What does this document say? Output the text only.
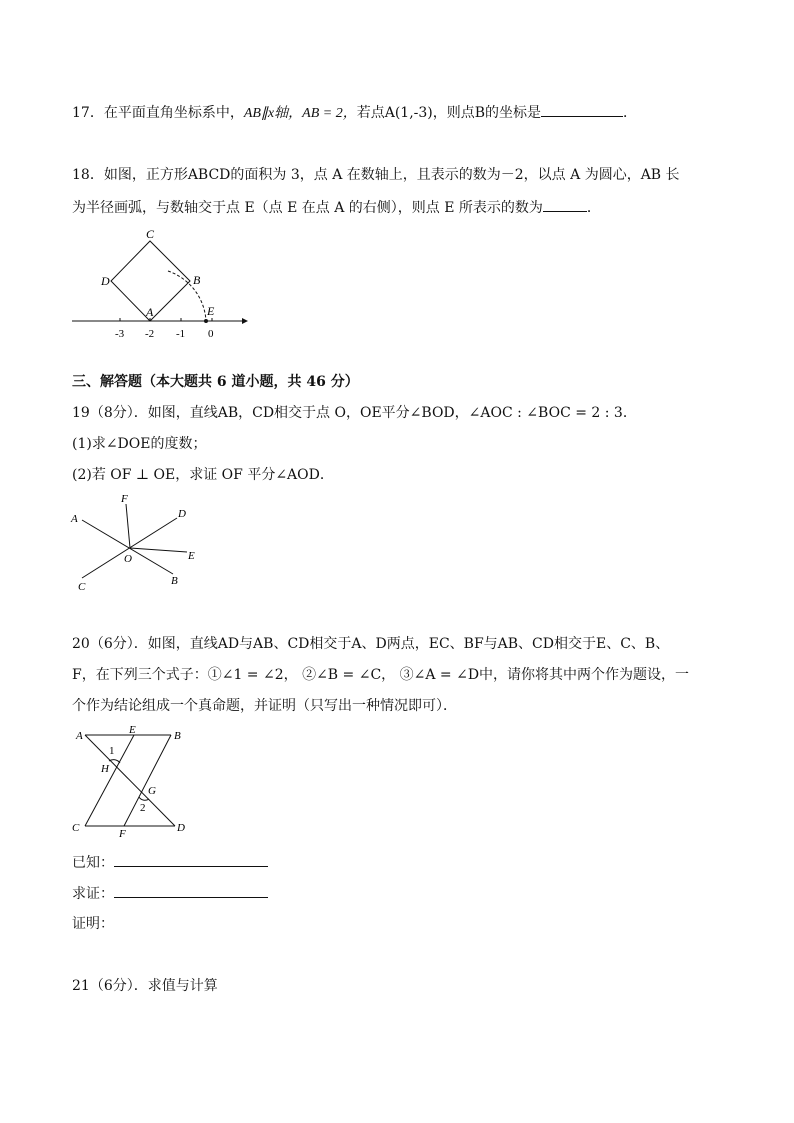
17．在平面直角坐标系中，AB∥x轴，AB = 2，若点A(1,-3)，则点B的坐标是	．
18．如图，正方形ABCD的面积为 3，点 A 在数轴上，且表示的数为－2，以点 A 为圆心，AB 长
为半径画弧，与数轴交于点 E（点 E 在点 A 的右侧），则点 E 所表示的数为	．
C
D	B
A	E
-3 -2 -1 0
三、解答题（本大题共 6 道小题，共 46 分）
19（8分）．如图，直线AB，CD相交于点 O，OE平分∠BOD，∠AOC : ∠BOC = 2 : 3．
(1)求∠DOE的度数；
(2)若 OF ⊥ OE，求证 OF 平分∠AOD．
F
A	D
O	E
C	B
20（6分）．如图，直线AD与AB、CD相交于A、D两点，EC、BF与AB、CD相交于E、C、B、
F，在下列三个式子：①∠1 = ∠2， ②∠B = ∠C， ③∠A = ∠D中，请你将其中两个作为题设，一
个作为结论组成一个真命题，并证明（只写出一种情况即可）．
A	E	B
1
H
G
2
C	F	D
已知：
求证：
证明：
21（6分）．求值与计算
